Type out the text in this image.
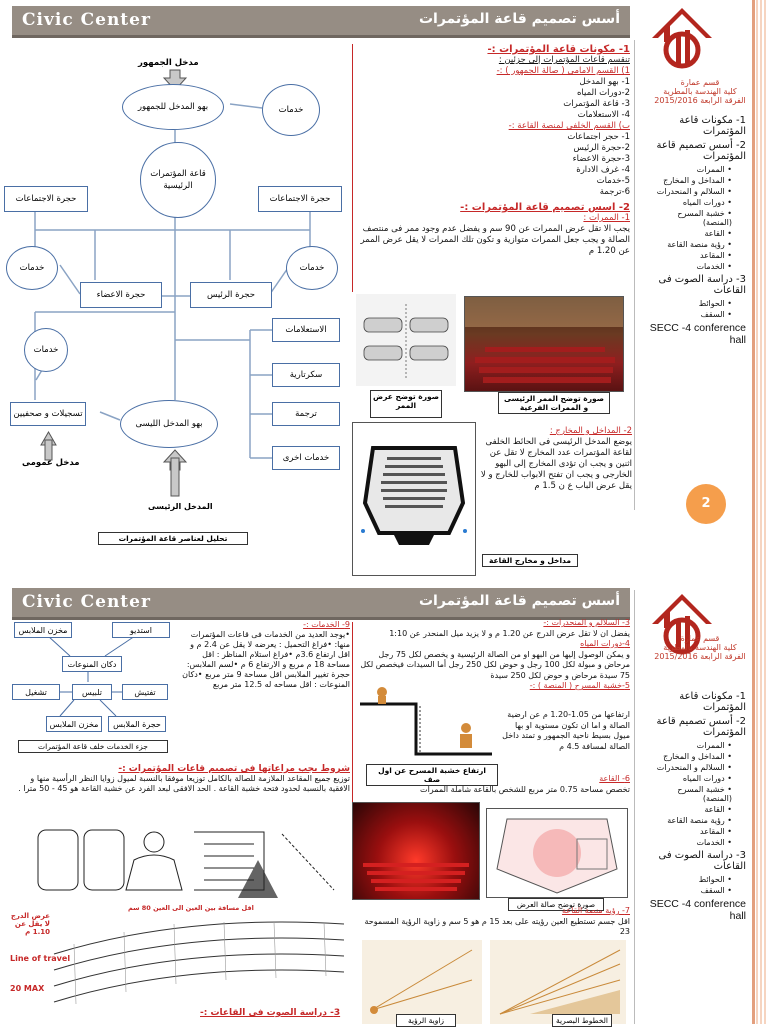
Civic Center	أسس تصميم قاعة المؤتمرات
قسم عمارة
كلية الهندسة بالمطرية
الفرقة الرابعة 2015/2016
1- مكونات قاعة المؤتمرات
2- أسس تصميم قاعة المؤتمرات
• الممرات
• المداخل و المخارج
• السلالم و المنحدرات
• دورات المياه
• خشبة المسرح (المنصة)
• القاعة
• رؤية منصة القاعة
• المقاعد
• الخدمات
3- دراسة الصوت فى القاعات
• الحوائط
• السقف
SECC -4 conference hall
2
مدخل الجمهور
بهو المدخل للجمهور	خدمات
قاعة المؤتمرات الرئيسية
حجرة الاجتماعات	حجرة الاجتماعات
خدمات	خدمات
حجرة الاعضاء	حجرة الرئيس
الاستعلامات
سكرتارية
ترجمة
خدمات اخرى
خدمات
تسجيلات و صحفيين
مدخل عمومى
بهو المدخل الليسى
المدخل الرئيسى
تحليل لعناصر قاعة المؤتمرات
1- مكونات قاعة المؤتمرات :-
تنقسم قاعات المؤتمرات إلى جزئين :
1) القسم الامامى ( صالة الجمهور ) :-
1- بهو المدخل
2-دورات المياه
3- قاعة المؤتمرات
4- الاستعلامات
ب) القسم الخلفى لمنصة القاعة :-
1- حجر اجتماعات
2-حجرة الرئيس
3-حجرة الاعضاء
4- غرف الادارة
5-خدمات
6-ترجمة
2- اسس تصميم قاعة المؤتمرات :-
1- الممرات :
يجب الا تقل عرض الممرات عن 90 سم و يفضل عدم وجود ممر فى منتصف الصالة و يجب جعل الممرات متوازية و تكون تلك الممرات لا يقل عرض الممر عن 1.20 م
صورة توضح عرض الممر
صورة توضح الممر الرئيسى و الممرات الفرعية
2- المداخل و المخارج :
يوضع المدخل الرئيسى فى الحائط الخلفى لقاعة المؤتمرات عدد المخارج لا تقل عن اثنين و يجب ان تؤدى المخارج إلى البهو الخارجى و يجب ان تفتح الابواب للخارج و لا يقل عرض الباب ع ن 1.5 م
مداخل و مخارج القاعة
Civic Center	أسس تصميم قاعة المؤتمرات
قسم عمارة
كلية الهندسة بالمطرية
الفرقة الرابعة 2015/2016
1- مكونات قاعة المؤتمرات
2- أسس تصميم قاعة المؤتمرات
• الممرات
• المداخل و المخارج
• السلالم و المنحدرات
• دورات المياه
• خشبة المسرح (المنصة)
• القاعة
• رؤية منصة القاعة
• المقاعد
• الخدمات
3- دراسة الصوت فى القاعات
• الحوائط
• السقف
SECC -4 conference hall
مخزن الملابس	استديو
دكان المنوعات
تشغيل	تلبيس	تفتيش
مخزن الملابس	حجرة الملابس
جزء الخدمات خلف قاعة المؤتمرات
9- الخدمات :-
•يوجد العديد من الخدمات فى قاعات المؤتمرات منها: •فراغ التحميل : يعرضه لا يقل عن 2.4 م و اقل ارتفاع 3.6م •فراغ استلام المناظر : اقل مساحة 18 م مربع و الارتفاع 6 م •لسم الملابس: حجرة تغيير الملابس اقل مساحة 9 متر مربع •دكان المنوعات : اقل مساحه له 12.5 متر مربع
شروط يجب مراعاتها فى تصميم قاعات المؤتمرات :-
توزيع جميع المقاعد الملازمة للصالة بالكامل توزيعا موفقا بالنسبة لميول زوايا النظر الرأسية منها و الافقية بالنسبة لحدود فتحة خشبة القاعة . الحد الافقى لبعد الفرد عن خشبة القاعة هو 45 - 50 مترا .
اقل مسافة بين العين الى العين 80 سم
عرض الدرج لا يقل عن 1.10 م
Line of travel
20 MAX
3- دراسة الصوت فى القاعات :-
3- السلالم و المنحدرات :-
يفضل ان لا تقل عرض الدرج عن 1.20 م و لا يزيد ميل المنحدر عن 1:10
4-دورات المياه
و يمكن الوصول إليها من البهو او من الصالة الرئيسية و يخصص لكل 75 رجل مرحاض و مبولة لكل 100 رجل و حوض لكل 250 رجل أما السيدات فيخصص لكل 75 سيدة مرحاض و حوض لكل 250 سيدة
5-خشبة المسرح ( المنصة ) :-
ارتفاعها من 1.05-1.20 م عن ارضية الصالة و اما ان تكون مستوية او بها ميول بسيط ناحية الجمهور و تمتد داخل الصالة لمسافة 4.5 م
ارتفاع خشبة المسرح عن اول صف	6- القاعة
تخصص مساحة 0.75 متر مربع للشخص بالقاعة شاملة الممرات
صورة توضح صالة العرض
7- رؤية منصة القاعة
اقل جسم تستطيع العين رؤيته على بعد 15 م هو 5 سم و زاوية الرؤية المسموحة 23
زاوية الرؤية	الخطوط البصرية
